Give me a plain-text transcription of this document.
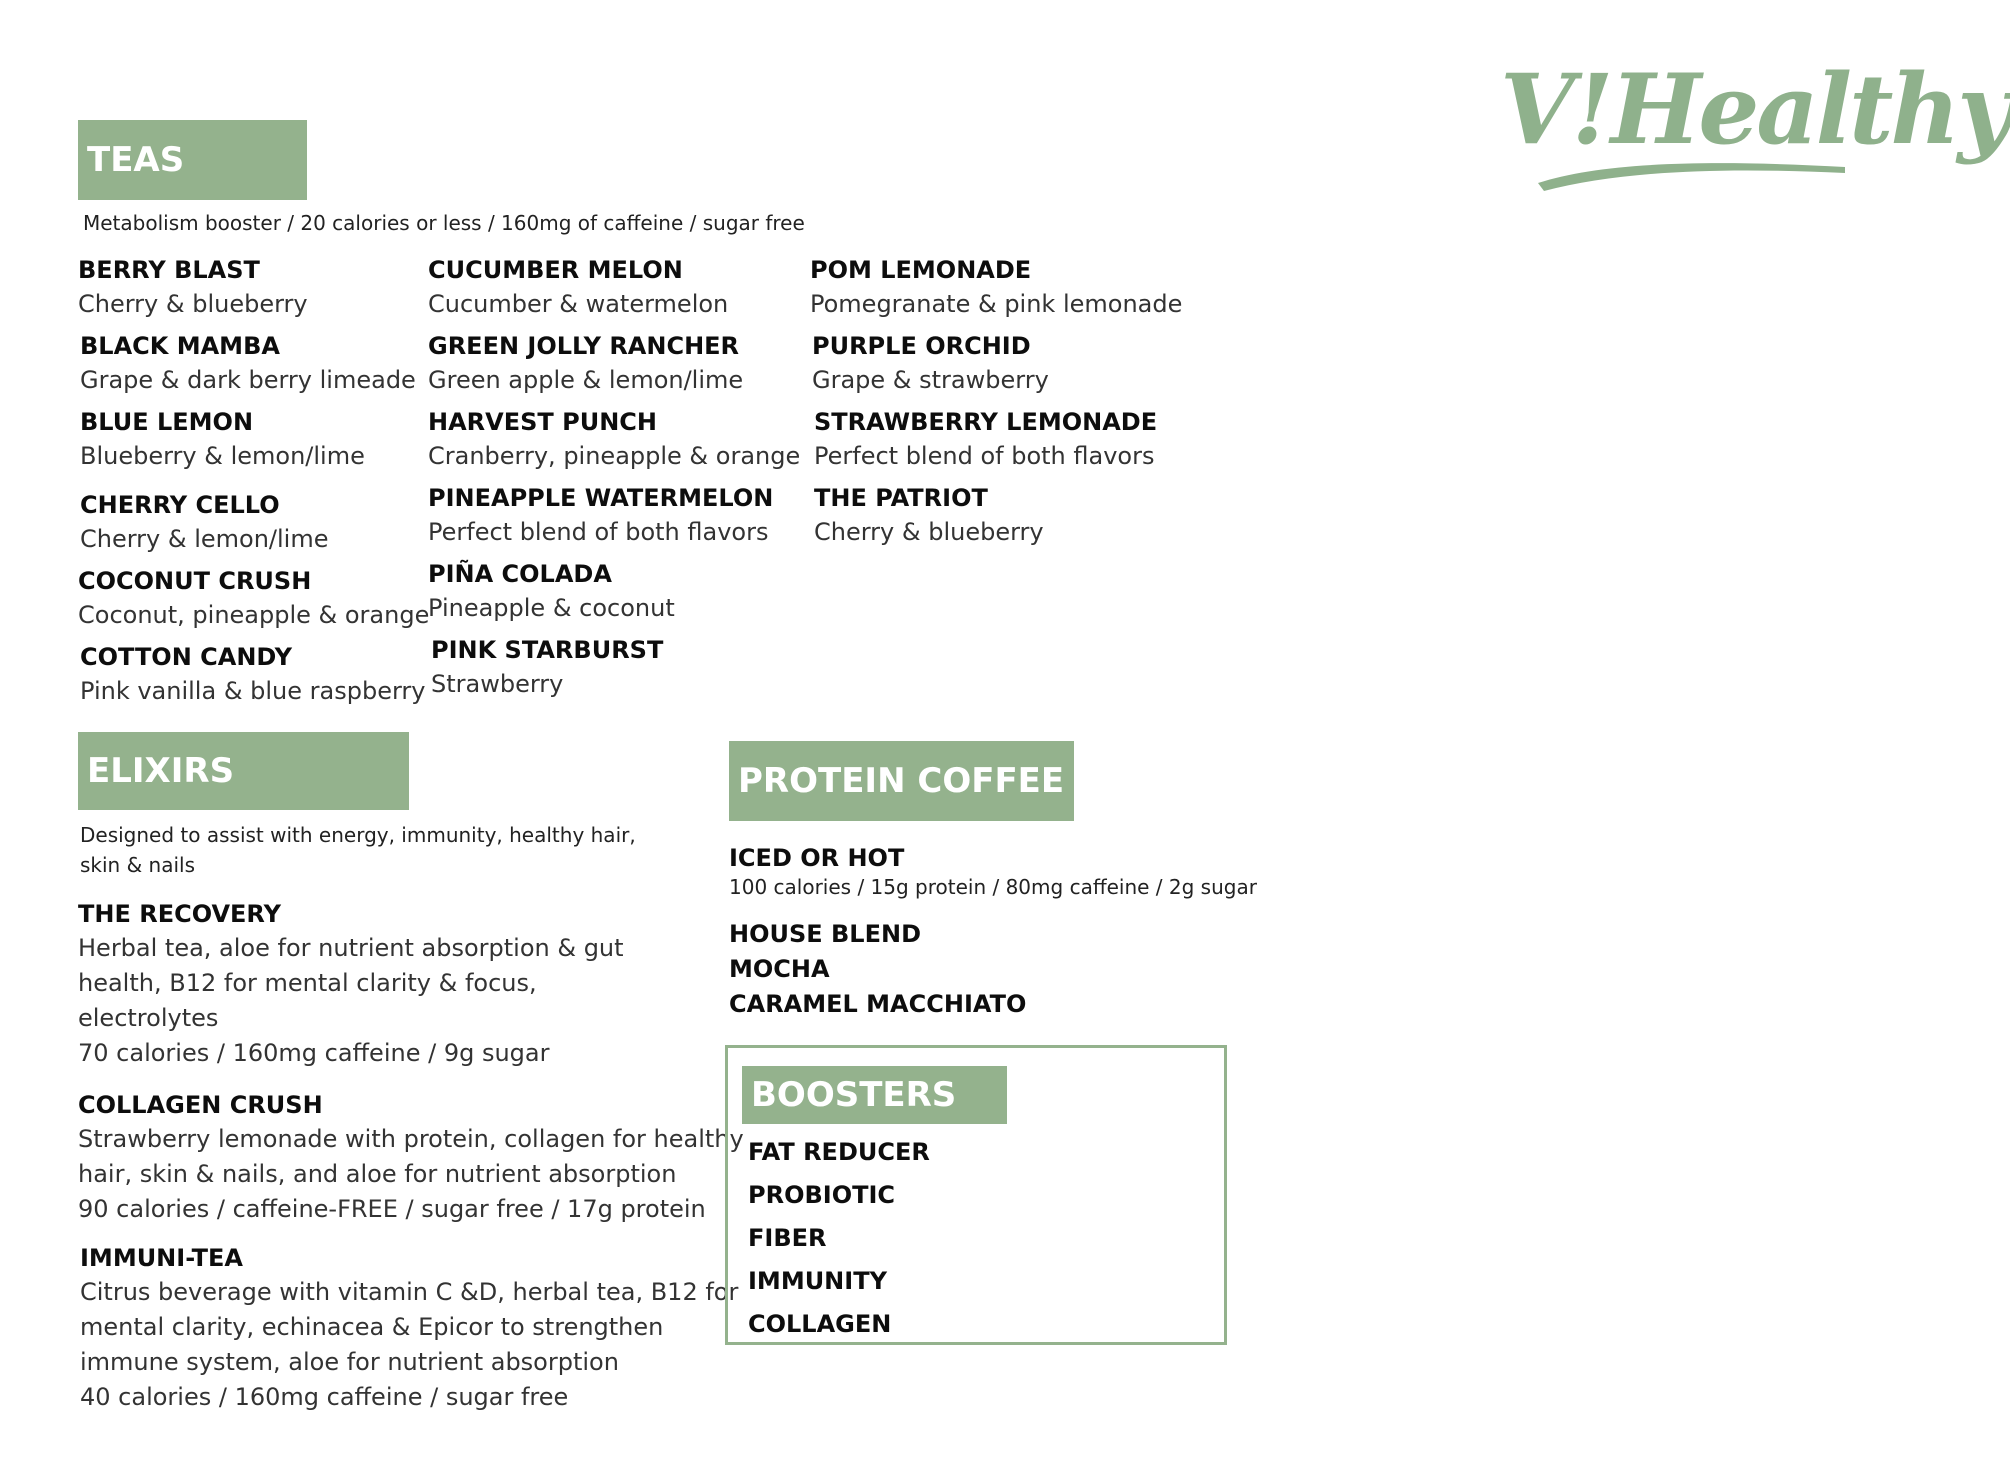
V!Healthy
TEAS
Metabolism booster / 20 calories or less / 160mg of caffeine / sugar free
BERRY BLAST
Cherry & blueberry
BLACK MAMBA
Grape & dark berry limeade
BLUE LEMON
Blueberry & lemon/lime
CHERRY CELLO
Cherry & lemon/lime
COCONUT CRUSH
Coconut, pineapple & orange
COTTON CANDY
Pink vanilla & blue raspberry
CUCUMBER MELON
Cucumber & watermelon
GREEN JOLLY RANCHER
Green apple & lemon/lime
HARVEST PUNCH
Cranberry, pineapple & orange
PINEAPPLE WATERMELON
Perfect blend of both flavors
PIÑA COLADA
Pineapple & coconut
PINK STARBURST
Strawberry
POM LEMONADE
Pomegranate & pink lemonade
PURPLE ORCHID
Grape & strawberry
STRAWBERRY LEMONADE
Perfect blend of both flavors
THE PATRIOT
Cherry & blueberry
ELIXIRS
Designed to assist with energy, immunity, healthy hair,
skin & nails
THE RECOVERY
Herbal tea, aloe for nutrient absorption & gut
health, B12 for mental clarity & focus,
electrolytes
70 calories / 160mg caffeine / 9g sugar
COLLAGEN CRUSH
Strawberry lemonade with protein, collagen for healthy
hair, skin & nails, and aloe for nutrient absorption
90 calories / caffeine-FREE / sugar free / 17g protein
IMMUNI-TEA
Citrus beverage with vitamin C &D, herbal tea, B12 for
mental clarity, echinacea & Epicor to strengthen
immune system, aloe for nutrient absorption
40 calories / 160mg caffeine / sugar free
PROTEIN COFFEE
ICED OR HOT
100 calories / 15g protein / 80mg caffeine / 2g sugar
HOUSE BLEND
MOCHA
CARAMEL MACCHIATO
BOOSTERS
FAT REDUCER
PROBIOTIC
FIBER
IMMUNITY
COLLAGEN
